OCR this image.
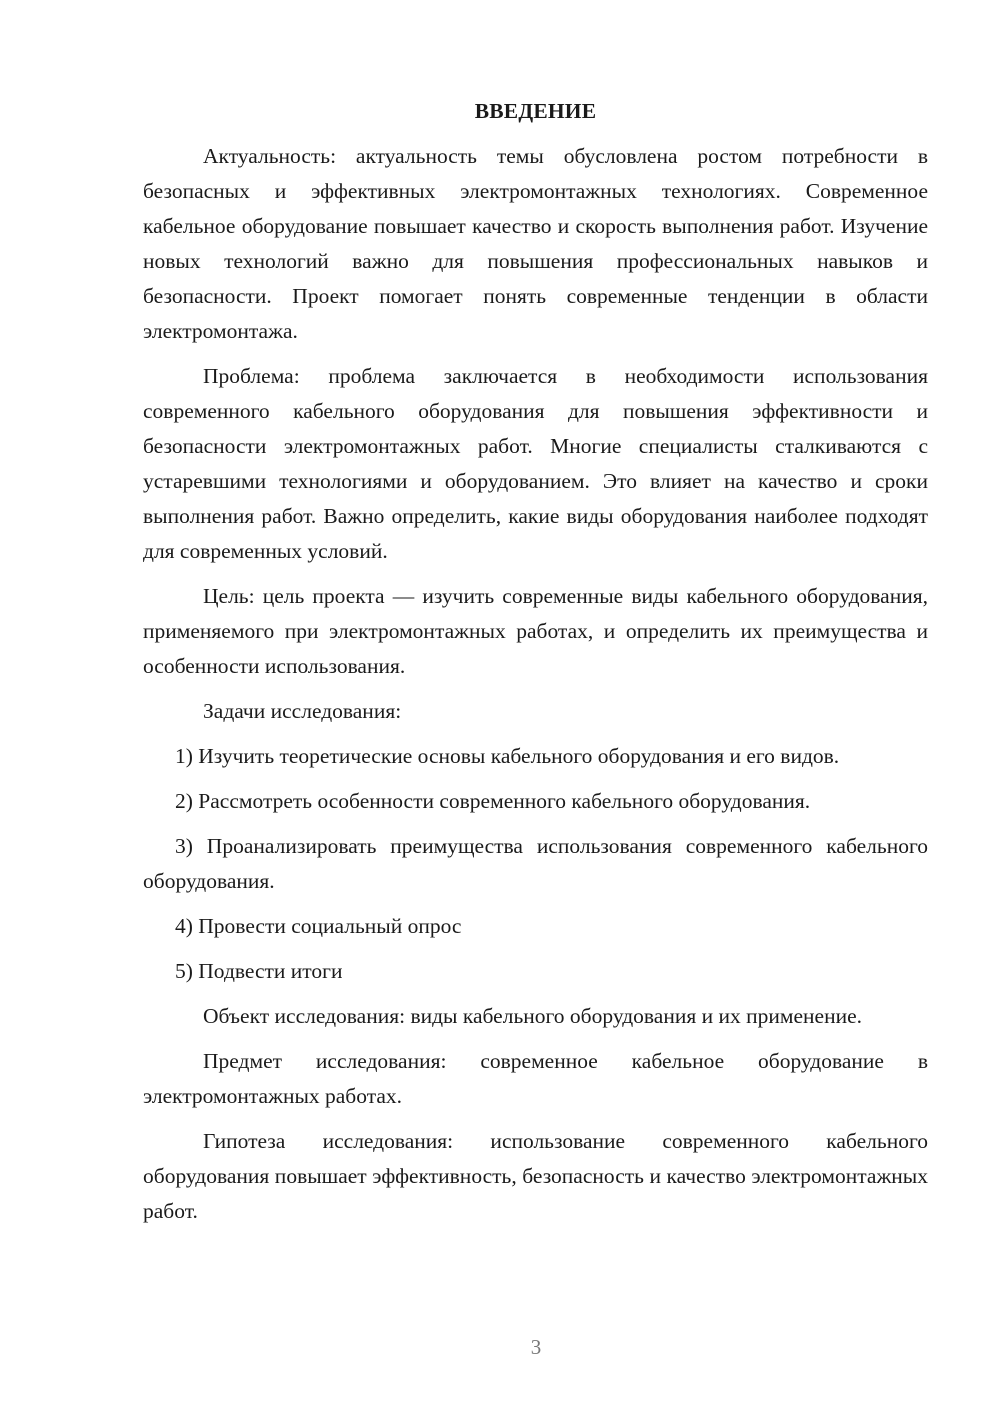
ВВЕДЕНИЕ

Актуальность: актуальность темы обусловлена ростом потребности в безопасных и эффективных электромонтажных технологиях. Современное кабельное оборудование повышает качество и скорость выполнения работ. Изучение новых технологий важно для повышения профессиональных навыков и безопасности. Проект помогает понять современные тенденции в области электромонтажа.

Проблема: проблема заключается в необходимости использования современного кабельного оборудования для повышения эффективности и безопасности электромонтажных работ. Многие специалисты сталкиваются с устаревшими технологиями и оборудованием. Это влияет на качество и сроки выполнения работ. Важно определить, какие виды оборудования наиболее подходят для современных условий.

Цель: цель проекта — изучить современные виды кабельного оборудования, применяемого при электромонтажных работах, и определить их преимущества и особенности использования.

Задачи исследования:

1) Изучить теоретические основы кабельного оборудования и его видов.

2) Рассмотреть особенности современного кабельного оборудования.

3) Проанализировать преимущества использования современного кабельного оборудования.

4) Провести социальный опрос

5) Подвести итоги

Объект исследования: виды кабельного оборудования и их применение.

Предмет исследования: современное кабельное оборудование в электромонтажных работах.

Гипотеза исследования: использование современного кабельного оборудования повышает эффективность, безопасность и качество электромонтажных работ.

3
